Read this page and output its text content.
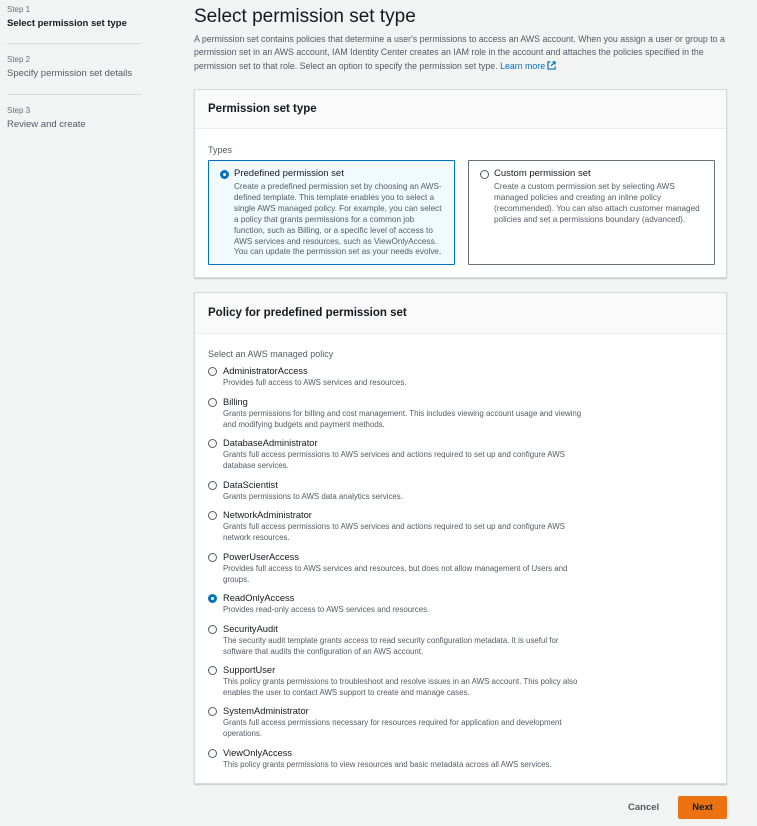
Step 1
Select permission set type
Step 2
Specify permission set details
Step 3
Review and create
Select permission set type

A permission set contains policies that determine a user's permissions to access an AWS account. When you assign a user or group to a permission set in an AWS account, IAM Identity Center creates an IAM role in the account and attaches the policies specified in the permission set to that role. Select an option to specify the permission set type. Learn more

Permission set type
Types
Predefined permission set
Create a predefined permission set by choosing an AWS-defined template. This template enables you to select a single AWS managed policy. For example, you can select a policy that grants permissions for a common job function, such as Billing, or a specific level of access to AWS services and resources, such as ViewOnlyAccess. You can update the permission set as your needs evolve.
Custom permission set
Create a custom permission set by selecting AWS managed policies and creating an inline policy (recommended). You can also attach customer managed policies and set a permissions boundary (advanced).
Policy for predefined permission set
Select an AWS managed policy
AdministratorAccess
Provides full access to AWS services and resources.
Billing
Grants permissions for billing and cost management. This includes viewing account usage and viewing and modifying budgets and payment methods.
DatabaseAdministrator
Grants full access permissions to AWS services and actions required to set up and configure AWS database services.
DataScientist
Grants permissions to AWS data analytics services.
NetworkAdministrator
Grants full access permissions to AWS services and actions required to set up and configure AWS network resources.
PowerUserAccess
Provides full access to AWS services and resources, but does not allow management of Users and groups.
ReadOnlyAccess
Provides read-only access to AWS services and resources.
SecurityAudit
The security audit template grants access to read security configuration metadata. It is useful for software that audits the configuration of an AWS account.
SupportUser
This policy grants permissions to troubleshoot and resolve issues in an AWS account. This policy also enables the user to contact AWS support to create and manage cases.
SystemAdministrator
Grants full access permissions necessary for resources required for application and development operations.
ViewOnlyAccess
This policy grants permissions to view resources and basic metadata across all AWS services.
Cancel	Next
